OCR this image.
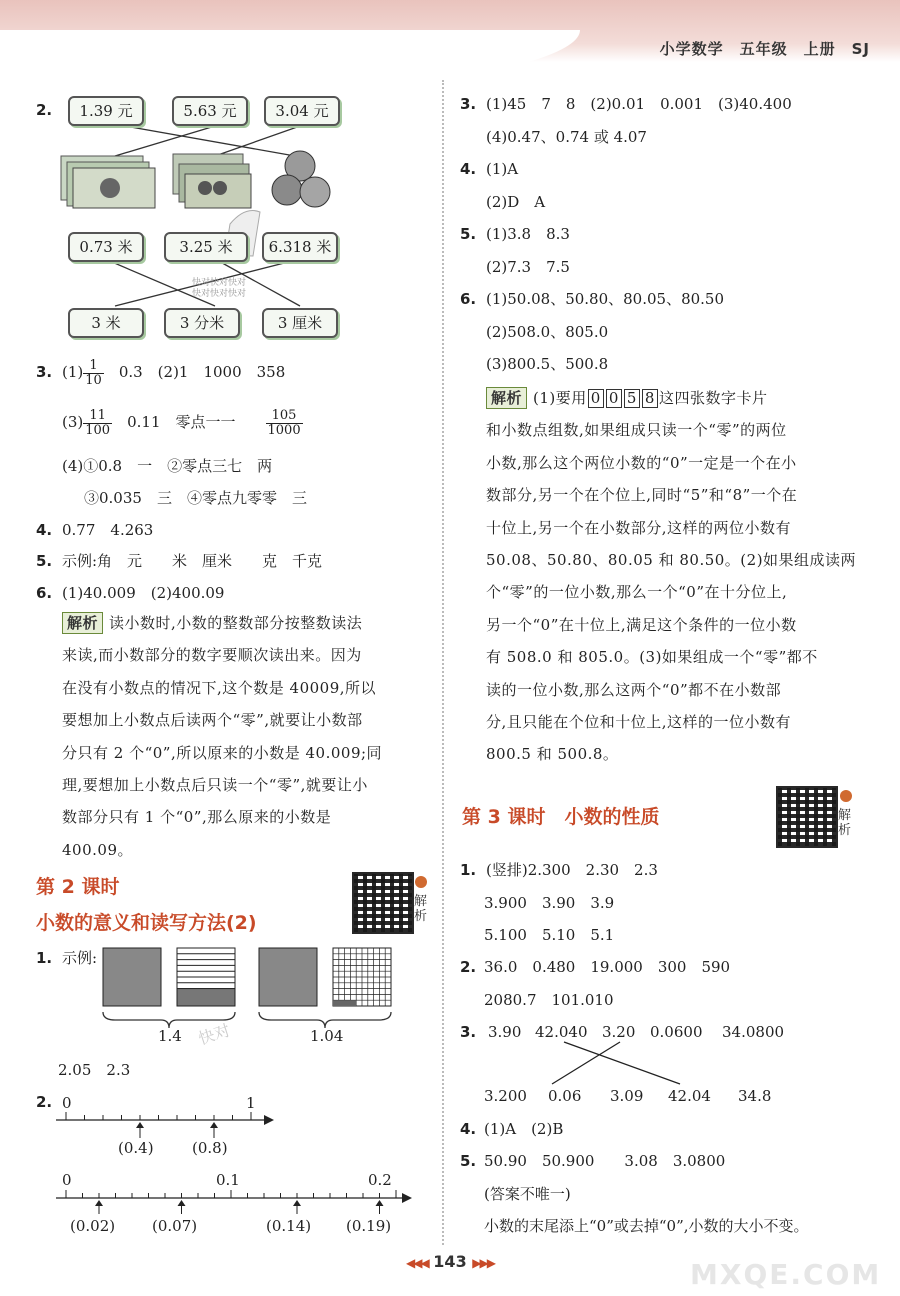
小学数学　五年级　上册　SJ
2.	1.39 元	5.63 元	3.04 元
0.73 米	3.25 米	6.318 米
快对快对快对
快对快对快对
3 米	3 分米	3 厘米
3. $(1) \frac{1}{10}$
　 0.3　(2)1　1000　358
$(3) \frac{11}{100}$
　 0.11　零点一一　　 $\frac{105}{1000}$
(4)①0.8　一　②零点三七　两
③0.035　三　④零点九零零　三
4. 0.77　4.263
5. 示例:角　元　　米　厘米　　克　千克
6. (1)40.009　(2)400.09
解析 读小数时,小数的整数部分按整数读法
来读,而小数部分的数字要顺次读出来。因为
在没有小数点的情况下,这个数是 40009,所以
要想加上小数点后读两个“零”,就要让小数部
分只有 2 个“0”,所以原来的小数是 40.009;同
理,要想加上小数点后只读一个“零”,就要让小
数部分只有 1 个“0”,那么原来的小数是
400.09。
第 2 课时
小数的意义和读写方法(2)
解析
1. 示例:
1.4	1.04
快对
2.05　2.3
2. 0	1
(0.4)	(0.8)
0	0.1	0.2
(0.02) (0.07)	(0.14) (0.19)
3. (1)45　7　8　(2)0.01　0.001　(3)40.400
(4)0.47、0.74 或 4.07
4. (1)A
(2)D　A
5. (1)3.8　8.3
(2)7.3　7.5
6. (1)50.08、50.80、80.05、80.50
(2)508.0、805.0
(3)800.5、500.8
解析 (1)要用 0 0 5 8 这四张数字卡片
和小数点组数,如果组成只读一个“零”的两位
小数,那么这个两位小数的“0”一定是一个在小
数部分,另一个在个位上,同时“5”和“8”一个在
十位上,另一个在小数部分,这样的两位小数有
50.08、50.80、80.05 和 80.50。(2)如果组成读两
个“零”的一位小数,那么一个“0”在十分位上,
另一个“0”在十位上,满足这个条件的一位小数
有 508.0 和 805.0。(3)如果组成一个“零”都不
读的一位小数,那么这两个“0”都不在小数部
分,且只能在个位和十位上,这样的一位小数有
800.5 和 500.8。
第 3 课时　小数的性质	解析
1. (竖排)2.300　2.30　2.3
3.900　3.90　3.9
5.100　5.10　5.1
2. 36.0　0.480　19.000　300　590
2080.7　101.010
3. 3.90 42.040 3.20 0.0600 34.0800
3.200 0.06 3.09 42.04 34.8
4. (1)A　(2)B
5. 50.90　50.900　　3.08　3.0800
(答案不唯一)
小数的末尾添上“0”或去掉“0”,小数的大小不变。
MXQE.COM
◀◀◀ 143 ▶▶▶
